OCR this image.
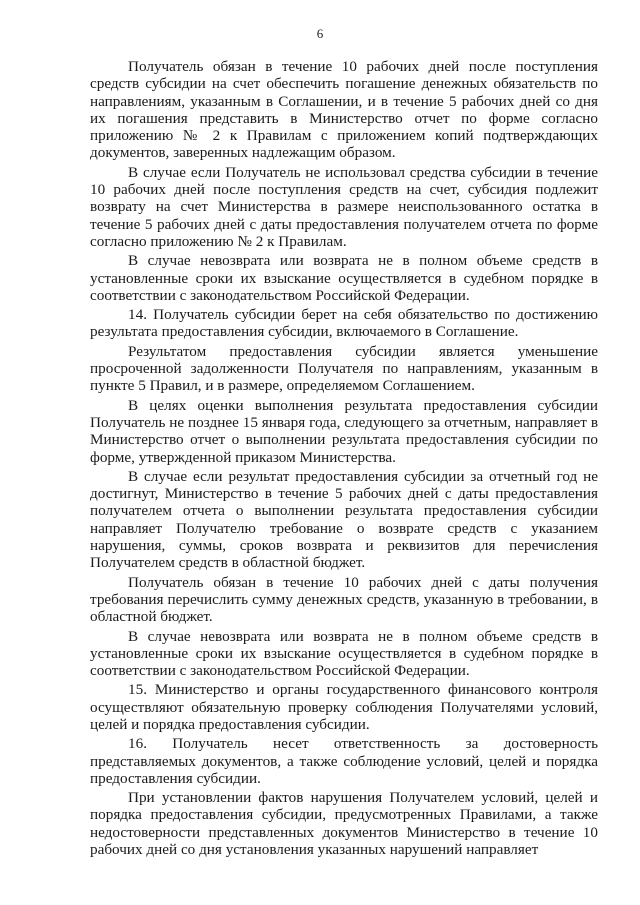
6

Получатель обязан в течение 10 рабочих дней после поступления средств субсидии на счет обеспечить погашение денежных обязательств по направлениям, указанным в Соглашении, и в течение 5 рабочих дней со дня их погашения представить в Министерство отчет по форме согласно приложению № 2 к Правилам с приложением копий подтверждающих документов, заверенных надлежащим образом.

В случае если Получатель не использовал средства субсидии в течение 10 рабочих дней после поступления средств на счет, субсидия подлежит возврату на счет Министерства в размере неиспользованного остатка в течение 5 рабочих дней с даты предоставления получателем отчета по форме согласно приложению № 2 к Правилам.

В случае невозврата или возврата не в полном объеме средств в установленные сроки их взыскание осуществляется в судебном порядке в соответствии с законодательством Российской Федерации.

14. Получатель субсидии берет на себя обязательство по достижению результата предоставления субсидии, включаемого в Соглашение.

Результатом предоставления субсидии является уменьшение просроченной задолженности Получателя по направлениям, указанным в пункте 5 Правил, и в размере, определяемом Соглашением.

В целях оценки выполнения результата предоставления субсидии Получатель не позднее 15 января года, следующего за отчетным, направляет в Министерство отчет о выполнении результата предоставления субсидии по форме, утвержденной приказом Министерства.

В случае если результат предоставления субсидии за отчетный год не достигнут, Министерство в течение 5 рабочих дней с даты предоставления получателем отчета о выполнении результата предоставления субсидии направляет Получателю требование о возврате средств с указанием нарушения, суммы, сроков возврата и реквизитов для перечисления Получателем средств в областной бюджет.

Получатель обязан в течение 10 рабочих дней с даты получения требования перечислить сумму денежных средств, указанную в требовании, в областной бюджет.

В случае невозврата или возврата не в полном объеме средств в установленные сроки их взыскание осуществляется в судебном порядке в соответствии с законодательством Российской Федерации.

15. Министерство и органы государственного финансового контроля осуществляют обязательную проверку соблюдения Получателями условий, целей и порядка предоставления субсидии.

16. Получатель несет ответственность за достоверность представляемых документов, а также соблюдение условий, целей и порядка предоставления субсидии.

При установлении фактов нарушения Получателем условий, целей и порядка предоставления субсидии, предусмотренных Правилами, а также недостоверности представленных документов Министерство в течение 10 рабочих дней со дня установления указанных нарушений направляет
